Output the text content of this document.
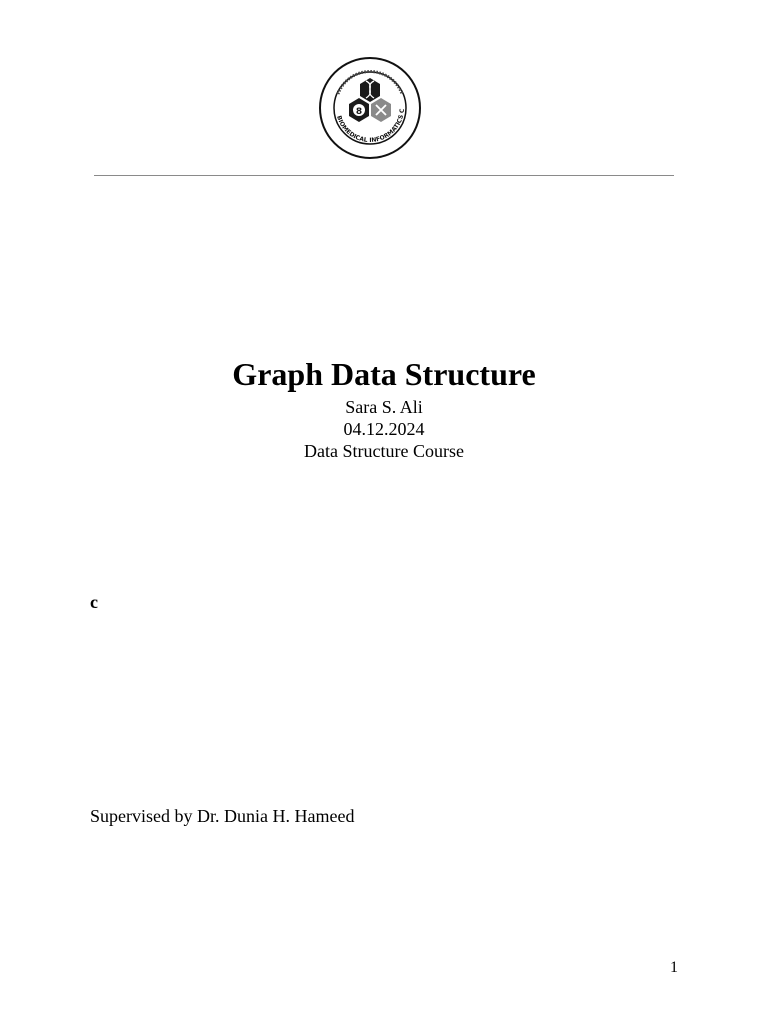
BIOMEDICAL INFORMATICS C
8
Graph Data Structure
Sara S. Ali
04.12.2024
Data Structure Course
c
Supervised by Dr. Dunia H. Hameed
1
